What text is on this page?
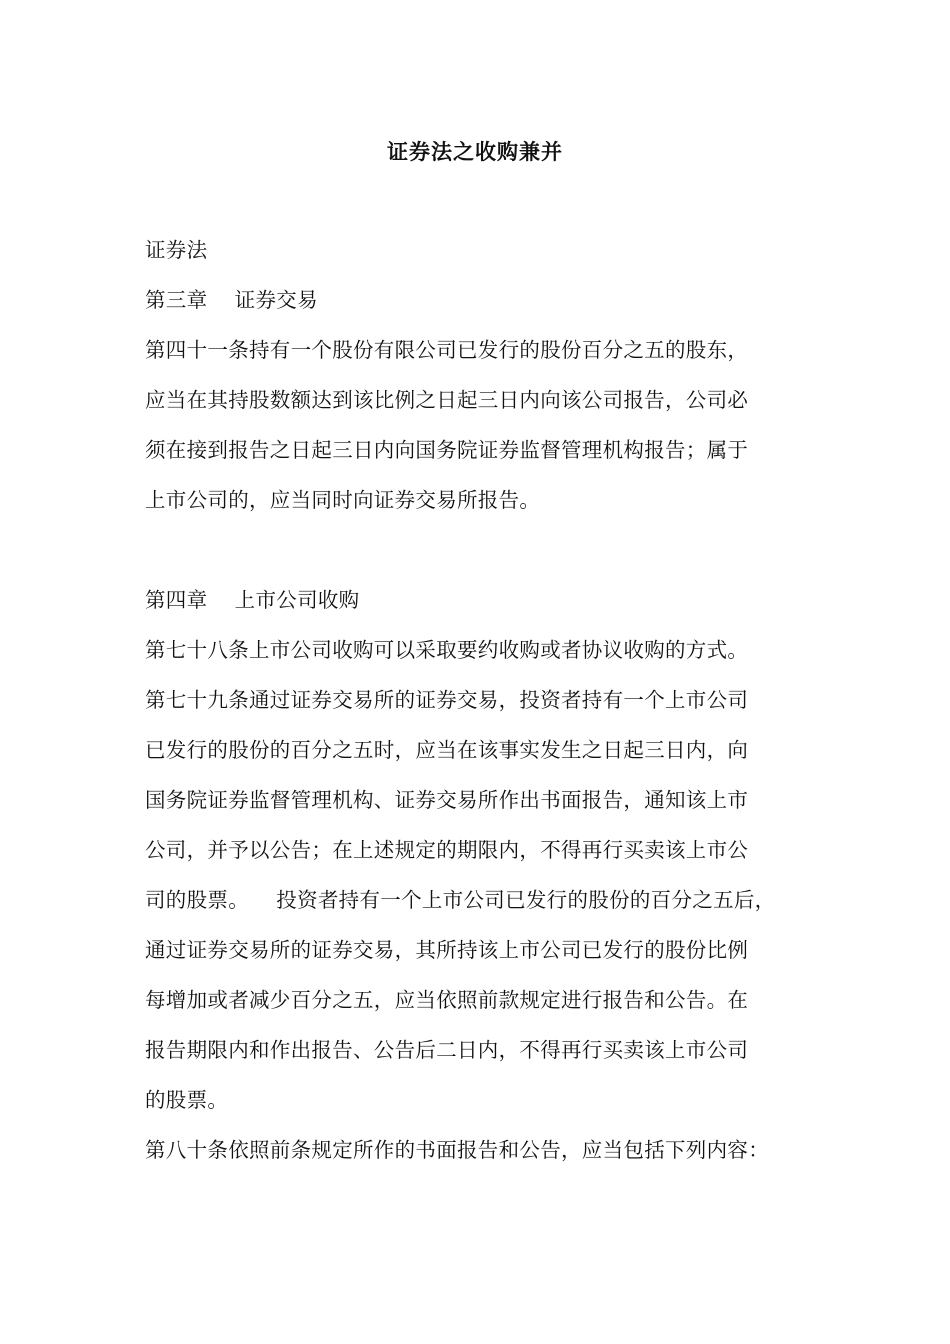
证券法之收购兼并
证券法
第三章    证券交易
第四十一条持有一个股份有限公司已发行的股份百分之五的股东，
应当在其持股数额达到该比例之日起三日内向该公司报告，公司必
须在接到报告之日起三日内向国务院证券监督管理机构报告；属于
上市公司的，应当同时向证券交易所报告。
第四章    上市公司收购
第七十八条上市公司收购可以采取要约收购或者协议收购的方式。
第七十九条通过证券交易所的证券交易，投资者持有一个上市公司
已发行的股份的百分之五时，应当在该事实发生之日起三日内，向
国务院证券监督管理机构、证券交易所作出书面报告，通知该上市
公司，并予以公告；在上述规定的期限内，不得再行买卖该上市公
司的股票。    投资者持有一个上市公司已发行的股份的百分之五后，
通过证券交易所的证券交易，其所持该上市公司已发行的股份比例
每增加或者减少百分之五，应当依照前款规定进行报告和公告。在
报告期限内和作出报告、公告后二日内，不得再行买卖该上市公司
的股票。
第八十条依照前条规定所作的书面报告和公告，应当包括下列内容：
